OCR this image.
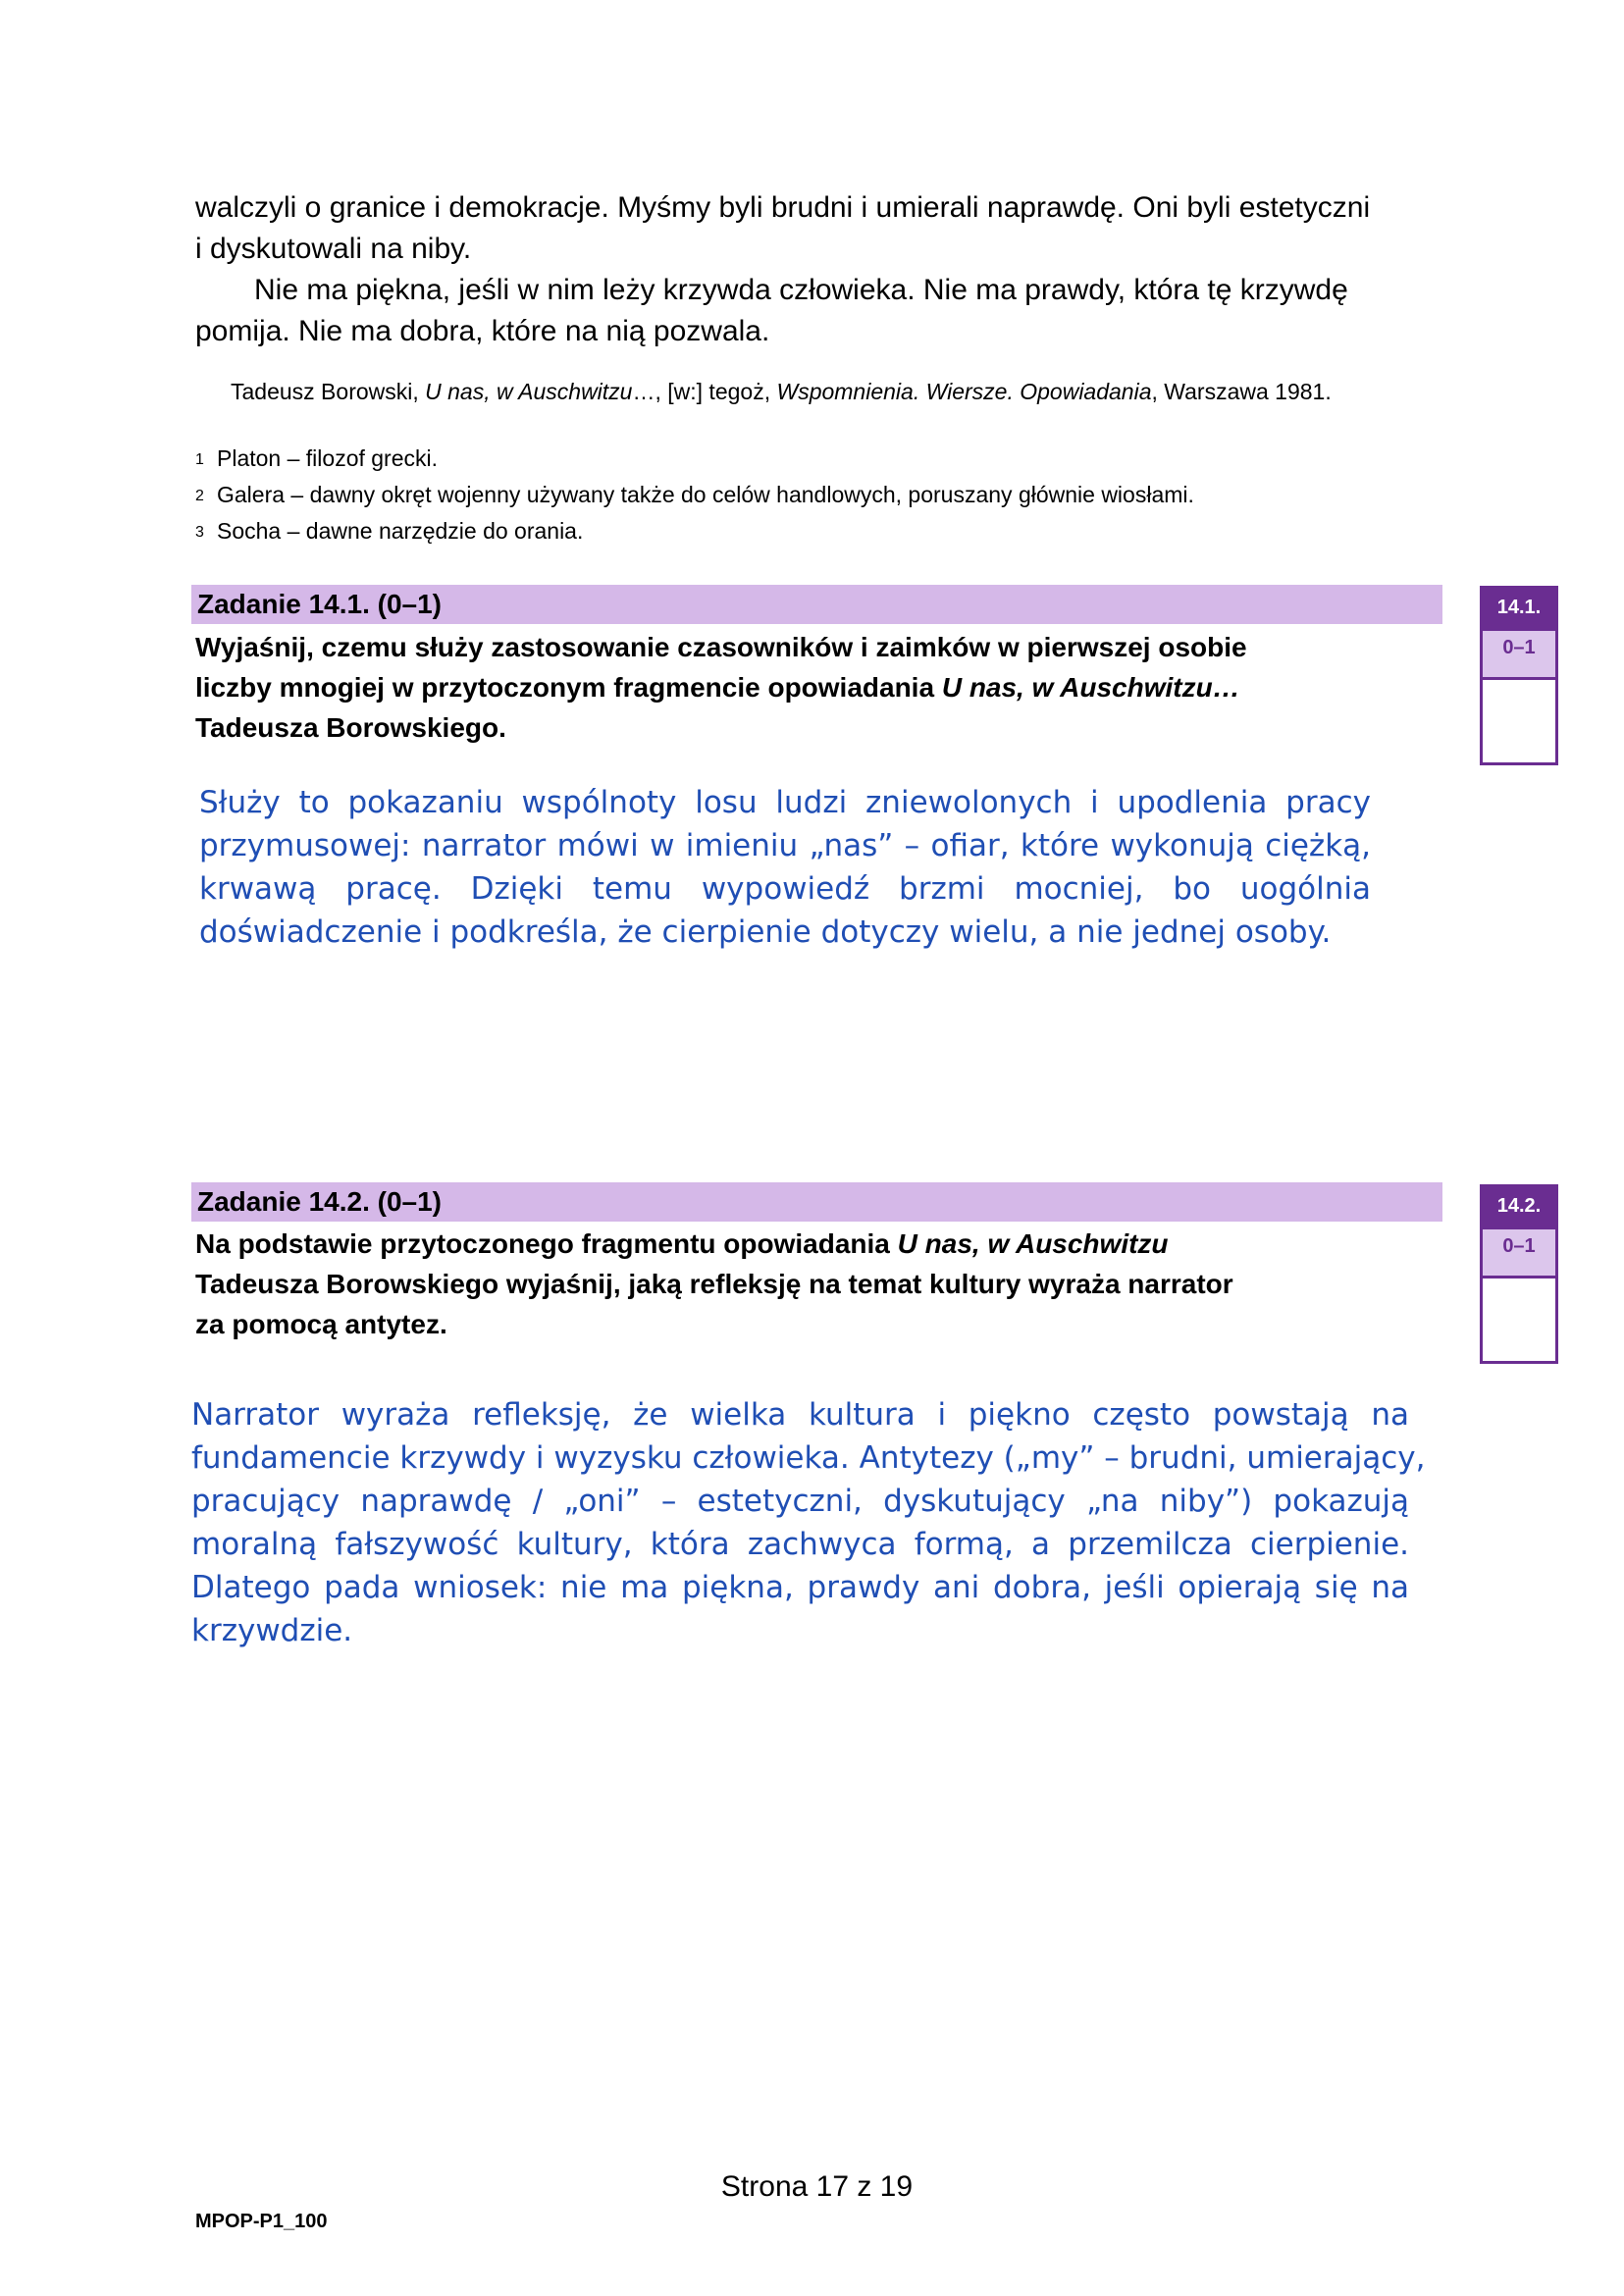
walczyli o granice i demokracje. Myśmy byli brudni i umierali naprawdę. Oni byli estetyczni
i dyskutowali na niby.
Nie ma piękna, jeśli w nim leży krzywda człowieka. Nie ma prawdy, która tę krzywdę
pomija. Nie ma dobra, które na nią pozwala.
Tadeusz Borowski, U nas, w Auschwitzu…, [w:] tegoż, Wspomnienia. Wiersze. Opowiadania, Warszawa 1981.
1 Platon – filozof grecki.
2 Galera – dawny okręt wojenny używany także do celów handlowych, poruszany głównie wiosłami.
3 Socha – dawne narzędzie do orania.
Zadanie 14.1. (0–1)
Wyjaśnij, czemu służy zastosowanie czasowników i zaimków w pierwszej osobie
liczby mnogiej w przytoczonym fragmencie opowiadania U nas, w Auschwitzu…
Tadeusza Borowskiego.
14.1.
0–1
Służy to pokazaniu wspólnoty losu ludzi zniewolonych i upodlenia pracy
przymusowej: narrator mówi w imieniu „nas” – ofiar, które wykonują ciężką,
krwawą pracę. Dzięki temu wypowiedź brzmi mocniej, bo uogólnia
doświadczenie i podkreśla, że cierpienie dotyczy wielu, a nie jednej osoby.
Zadanie 14.2. (0–1)
Na podstawie przytoczonego fragmentu opowiadania U nas, w Auschwitzu
Tadeusza Borowskiego wyjaśnij, jaką refleksję na temat kultury wyraża narrator
za pomocą antytez.
14.2.
0–1
Narrator wyraża refleksję, że wielka kultura i piękno często powstają na
fundamencie krzywdy i wyzysku człowieka. Antytezy („my” – brudni, umierający,
pracujący naprawdę / „oni” – estetyczni, dyskutujący „na niby”) pokazują
moralną fałszywość kultury, która zachwyca formą, a przemilcza cierpienie.
Dlatego pada wniosek: nie ma piękna, prawdy ani dobra, jeśli opierają się na
krzywdzie.
Strona 17 z 19
MPOP-P1_100
